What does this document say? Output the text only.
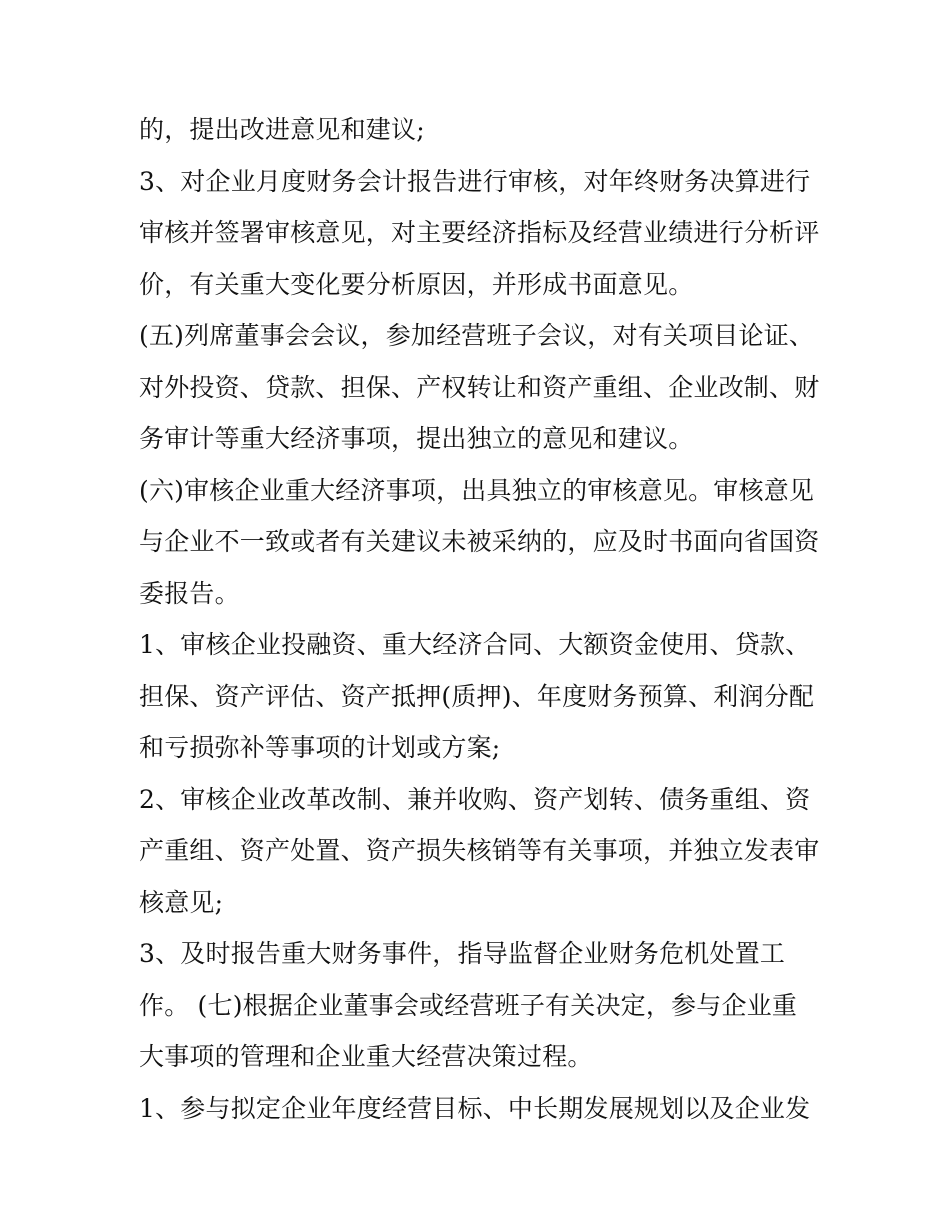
的，提出改进意见和建议;
3、对企业月度财务会计报告进行审核，对年终财务决算进行
审核并签署审核意见，对主要经济指标及经营业绩进行分析评
价，有关重大变化要分析原因，并形成书面意见。
(五)列席董事会会议，参加经营班子会议，对有关项目论证、
对外投资、贷款、担保、产权转让和资产重组、企业改制、财
务审计等重大经济事项，提出独立的意见和建议。
(六)审核企业重大经济事项，出具独立的审核意见。审核意见
与企业不一致或者有关建议未被采纳的，应及时书面向省国资
委报告。
1、审核企业投融资、重大经济合同、大额资金使用、贷款、
担保、资产评估、资产抵押(质押)、年度财务预算、利润分配
和亏损弥补等事项的计划或方案;
2、审核企业改革改制、兼并收购、资产划转、债务重组、资
产重组、资产处置、资产损失核销等有关事项，并独立发表审
核意见;
3、及时报告重大财务事件，指导监督企业财务危机处置工
作。 (七)根据企业董事会或经营班子有关决定，参与企业重
大事项的管理和企业重大经营决策过程。
1、参与拟定企业年度经营目标、中长期发展规划以及企业发
